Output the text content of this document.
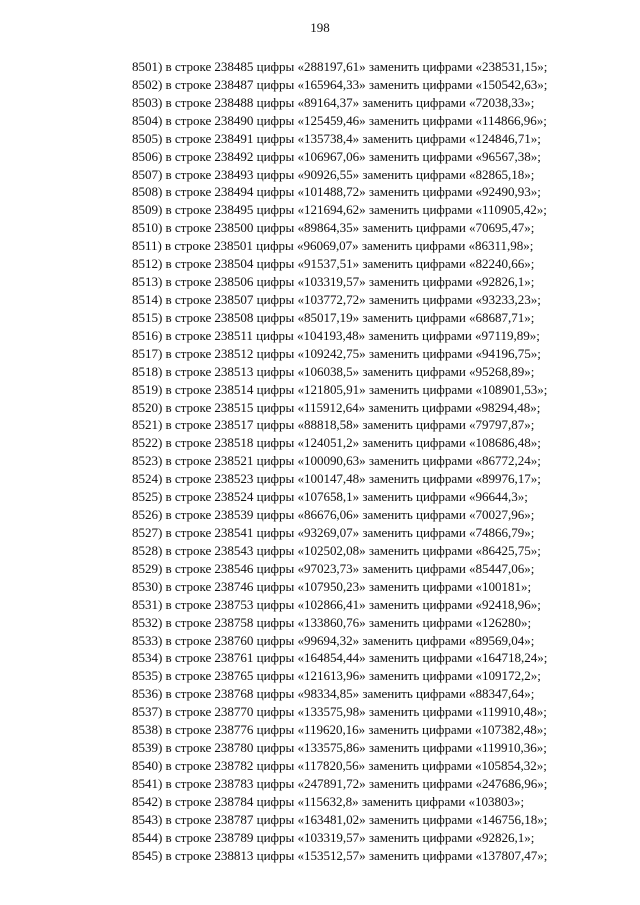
198
8501) в строке 238485 цифры «288197,61» заменить цифрами «238531,15»;
8502) в строке 238487 цифры «165964,33» заменить цифрами «150542,63»;
8503) в строке 238488 цифры «89164,37» заменить цифрами «72038,33»;
8504) в строке 238490 цифры «125459,46» заменить цифрами «114866,96»;
8505) в строке 238491 цифры «135738,4» заменить цифрами «124846,71»;
8506) в строке 238492 цифры «106967,06» заменить цифрами «96567,38»;
8507) в строке 238493 цифры «90926,55» заменить цифрами «82865,18»;
8508) в строке 238494 цифры «101488,72» заменить цифрами «92490,93»;
8509) в строке 238495 цифры «121694,62» заменить цифрами «110905,42»;
8510) в строке 238500 цифры «89864,35» заменить цифрами «70695,47»;
8511) в строке 238501 цифры «96069,07» заменить цифрами «86311,98»;
8512) в строке 238504 цифры «91537,51» заменить цифрами «82240,66»;
8513) в строке 238506 цифры «103319,57» заменить цифрами «92826,1»;
8514) в строке 238507 цифры «103772,72» заменить цифрами «93233,23»;
8515) в строке 238508 цифры «85017,19» заменить цифрами «68687,71»;
8516) в строке 238511 цифры «104193,48» заменить цифрами «97119,89»;
8517) в строке 238512 цифры «109242,75» заменить цифрами «94196,75»;
8518) в строке 238513 цифры «106038,5» заменить цифрами «95268,89»;
8519) в строке 238514 цифры «121805,91» заменить цифрами «108901,53»;
8520) в строке 238515 цифры «115912,64» заменить цифрами «98294,48»;
8521) в строке 238517 цифры «88818,58» заменить цифрами «79797,87»;
8522) в строке 238518 цифры «124051,2» заменить цифрами «108686,48»;
8523) в строке 238521 цифры «100090,63» заменить цифрами «86772,24»;
8524) в строке 238523 цифры «100147,48» заменить цифрами «89976,17»;
8525) в строке 238524 цифры «107658,1» заменить цифрами «96644,3»;
8526) в строке 238539 цифры «86676,06» заменить цифрами «70027,96»;
8527) в строке 238541 цифры «93269,07» заменить цифрами «74866,79»;
8528) в строке 238543 цифры «102502,08» заменить цифрами «86425,75»;
8529) в строке 238546 цифры «97023,73» заменить цифрами «85447,06»;
8530) в строке 238746 цифры «107950,23» заменить цифрами «100181»;
8531) в строке 238753 цифры «102866,41» заменить цифрами «92418,96»;
8532) в строке 238758 цифры «133860,76» заменить цифрами «126280»;
8533) в строке 238760 цифры «99694,32» заменить цифрами «89569,04»;
8534) в строке 238761 цифры «164854,44» заменить цифрами «164718,24»;
8535) в строке 238765 цифры «121613,96» заменить цифрами «109172,2»;
8536) в строке 238768 цифры «98334,85» заменить цифрами «88347,64»;
8537) в строке 238770 цифры «133575,98» заменить цифрами «119910,48»;
8538) в строке 238776 цифры «119620,16» заменить цифрами «107382,48»;
8539) в строке 238780 цифры «133575,86» заменить цифрами «119910,36»;
8540) в строке 238782 цифры «117820,56» заменить цифрами «105854,32»;
8541) в строке 238783 цифры «247891,72» заменить цифрами «247686,96»;
8542) в строке 238784 цифры «115632,8» заменить цифрами «103803»;
8543) в строке 238787 цифры «163481,02» заменить цифрами «146756,18»;
8544) в строке 238789 цифры «103319,57» заменить цифрами «92826,1»;
8545) в строке 238813 цифры «153512,57» заменить цифрами «137807,47»;
